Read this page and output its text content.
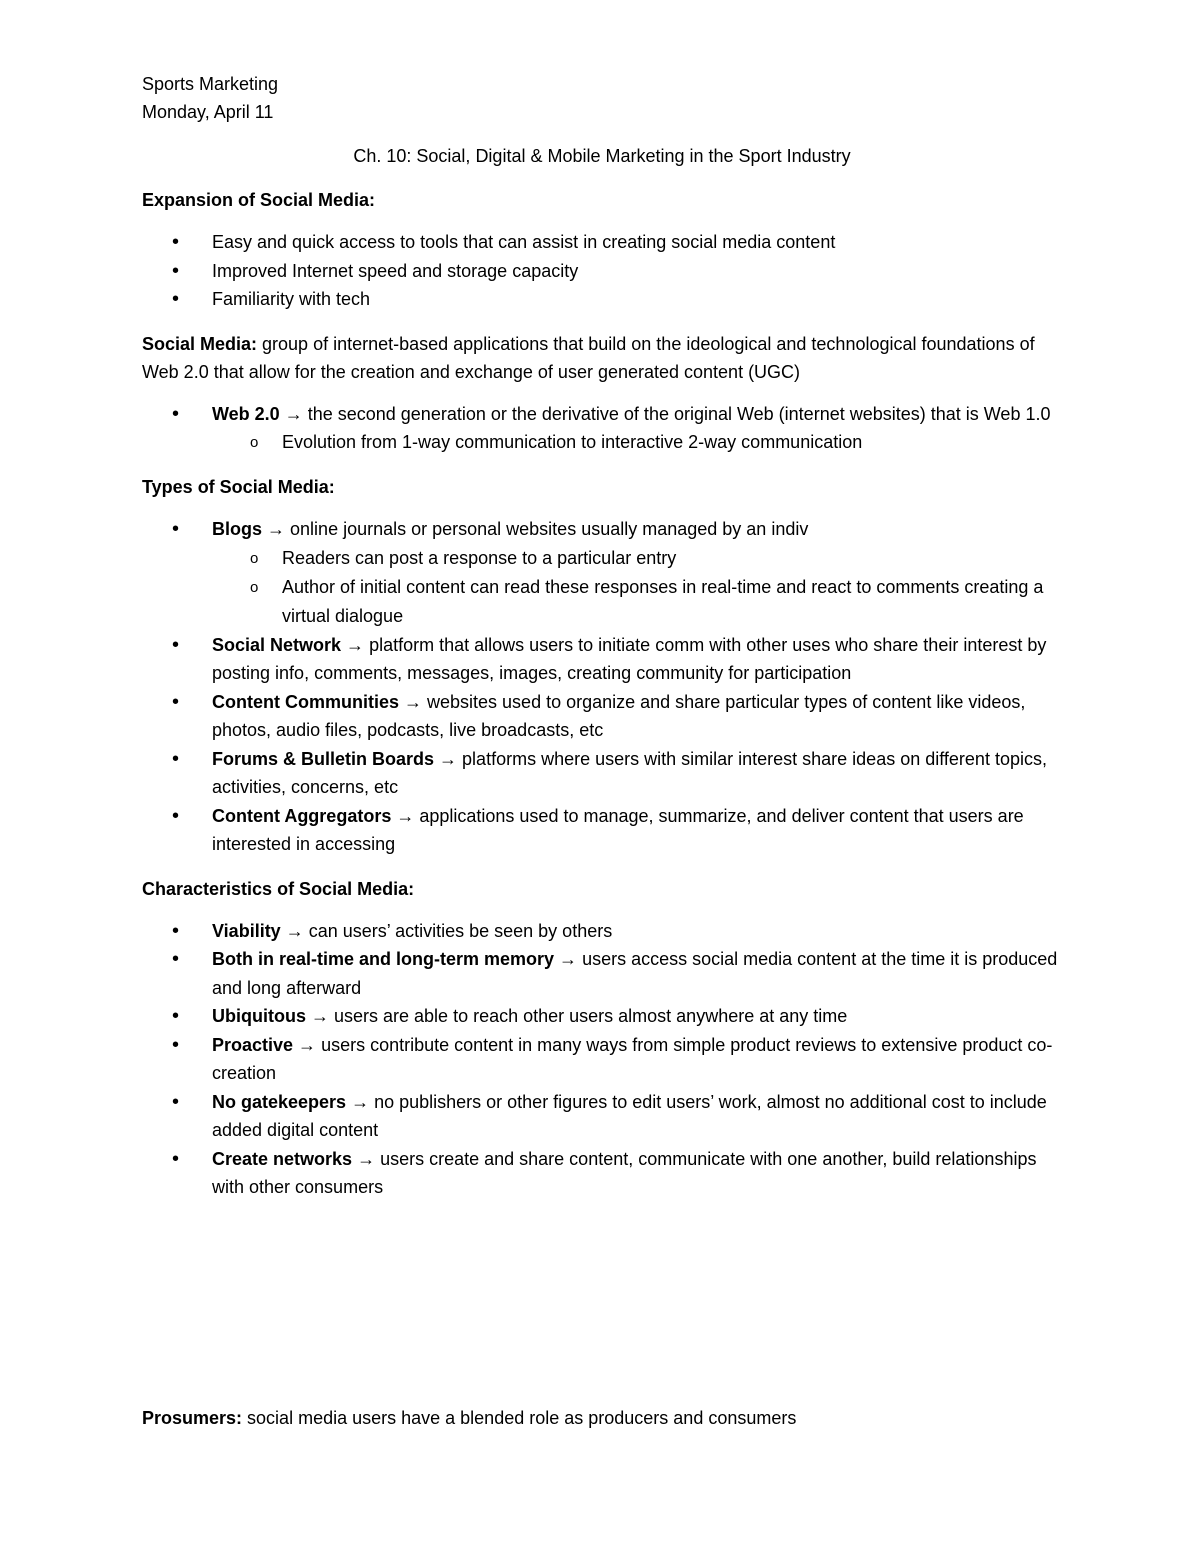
Sports Marketing

Monday, April 11

Ch. 10: Social, Digital & Mobile Marketing in the Sport Industry

Expansion of Social Media:

• Easy and quick access to tools that can assist in creating social media content
• Improved Internet speed and storage capacity
• Familiarity with tech

Social Media: group of internet-based applications that build on the ideological and technological foundations of Web 2.0 that allow for the creation and exchange of user generated content (UGC)

• Web 2.0 → the second generation or the derivative of the original Web (internet websites) that is Web 1.0
o Evolution from 1-way communication to interactive 2-way communication

Types of Social Media:

• Blogs → online journals or personal websites usually managed by an indiv
o Readers can post a response to a particular entry
o Author of initial content can read these responses in real-time and react to comments creating a virtual dialogue
• Social Network → platform that allows users to initiate comm with other uses who share their interest by posting info, comments, messages, images, creating community for participation
• Content Communities → websites used to organize and share particular types of content like videos, photos, audio files, podcasts, live broadcasts, etc
• Forums & Bulletin Boards → platforms where users with similar interest share ideas on different topics, activities, concerns, etc
• Content Aggregators → applications used to manage, summarize, and deliver content that users are interested in accessing

Characteristics of Social Media:

• Viability → can users’ activities be seen by others
• Both in real-time and long-term memory → users access social media content at the time it is produced and long afterward
• Ubiquitous → users are able to reach other users almost anywhere at any time
• Proactive → users contribute content in many ways from simple product reviews to extensive product co-creation
• No gatekeepers → no publishers or other figures to edit users’ work, almost no additional cost to include added digital content
• Create networks → users create and share content, communicate with one another, build relationships with other consumers

Prosumers: social media users have a blended role as producers and consumers
